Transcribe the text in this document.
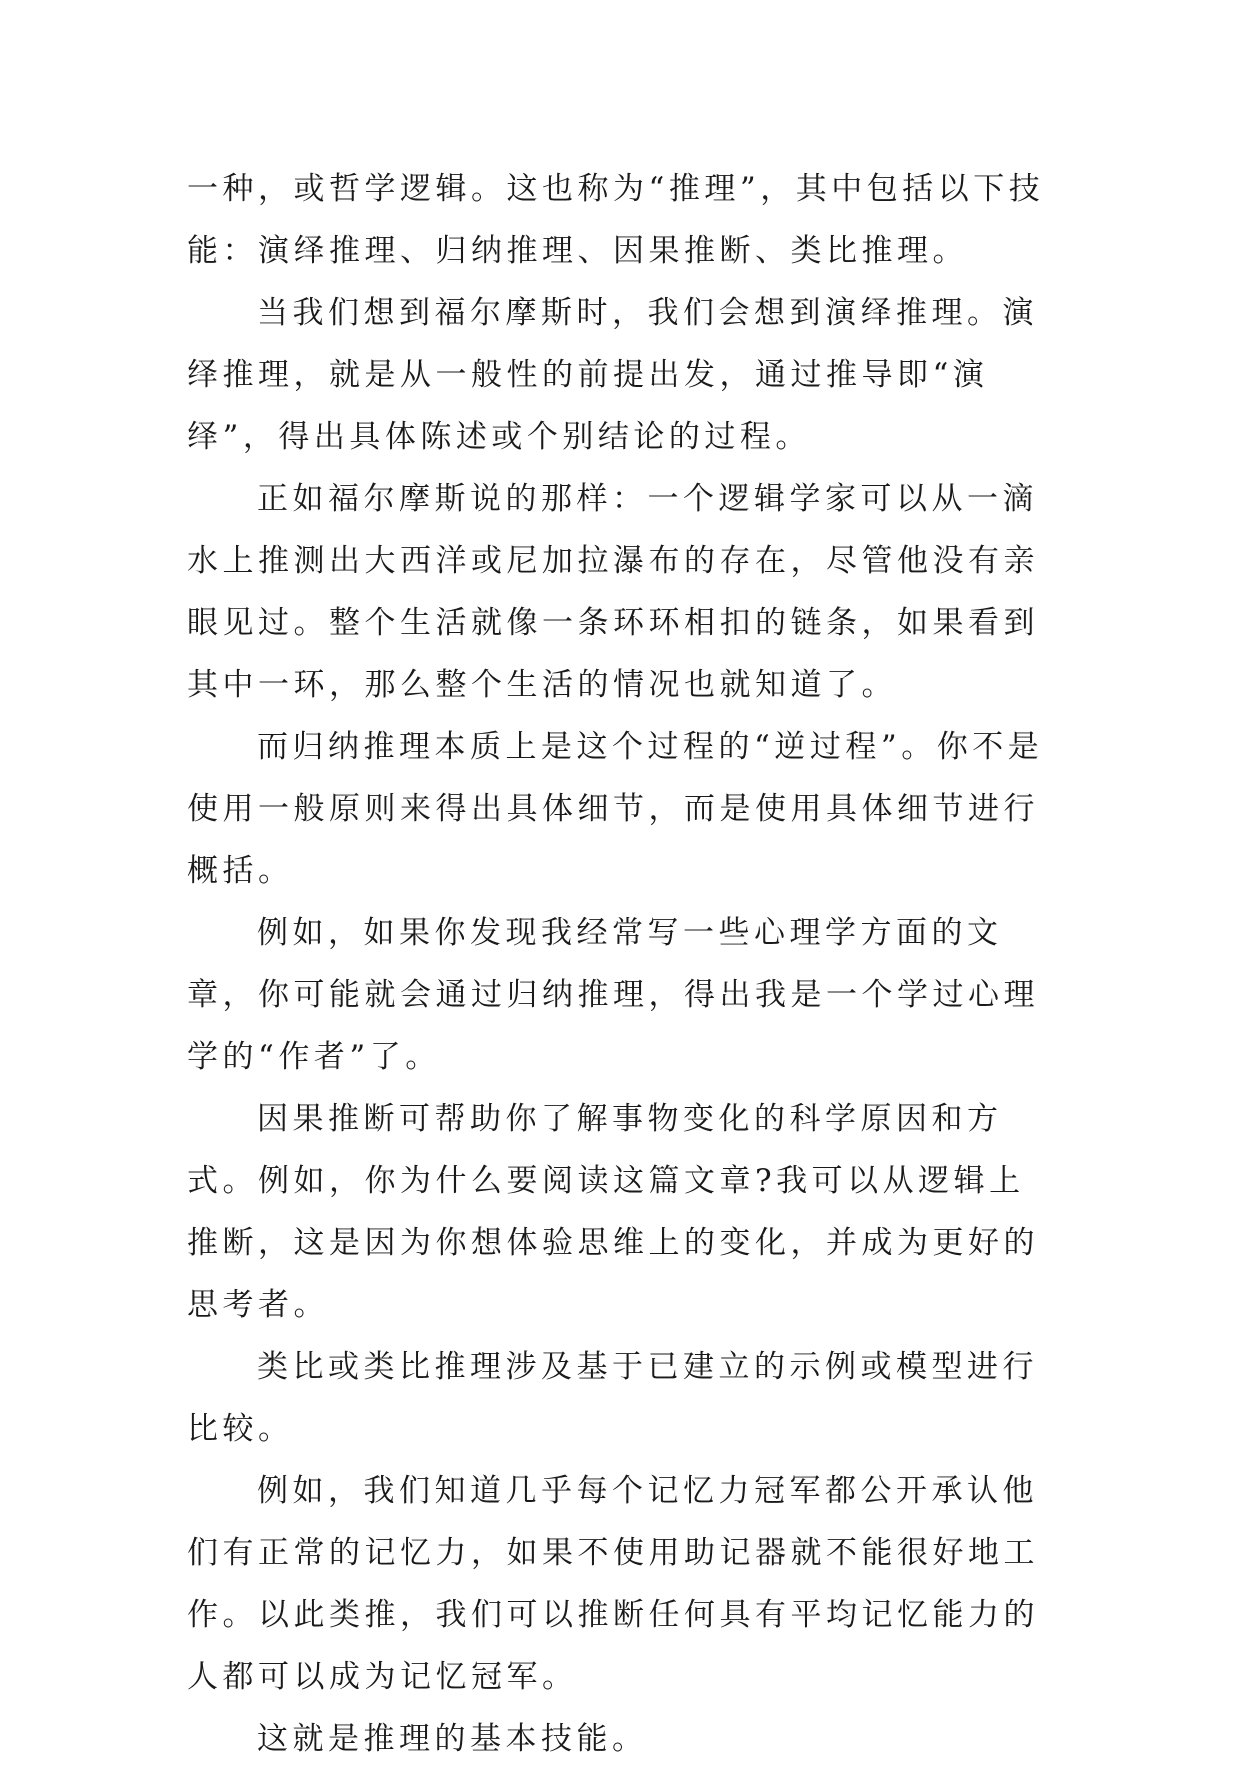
一种，或哲学逻辑。这也称为“推理”，其中包括以下技能：演绎推理、归纳推理、因果推断、类比推理。

当我们想到福尔摩斯时，我们会想到演绎推理。演绎推理，就是从一般性的前提出发，通过推导即“演绎”，得出具体陈述或个别结论的过程。

正如福尔摩斯说的那样：一个逻辑学家可以从一滴水上推测出大西洋或尼加拉瀑布的存在，尽管他没有亲眼见过。整个生活就像一条环环相扣的链条，如果看到其中一环，那么整个生活的情况也就知道了。

而归纳推理本质上是这个过程的“逆过程”。你不是使用一般原则来得出具体细节，而是使用具体细节进行概括。

例如，如果你发现我经常写一些心理学方面的文章，你可能就会通过归纳推理，得出我是一个学过心理学的“作者”了。

因果推断可帮助你了解事物变化的科学原因和方式。例如，你为什么要阅读这篇文章?我可以从逻辑上推断，这是因为你想体验思维上的变化，并成为更好的思考者。

类比或类比推理涉及基于已建立的示例或模型进行比较。

例如，我们知道几乎每个记忆力冠军都公开承认他们有正常的记忆力，如果不使用助记器就不能很好地工作。以此类推，我们可以推断任何具有平均记忆能力的人都可以成为记忆冠军。

这就是推理的基本技能。
